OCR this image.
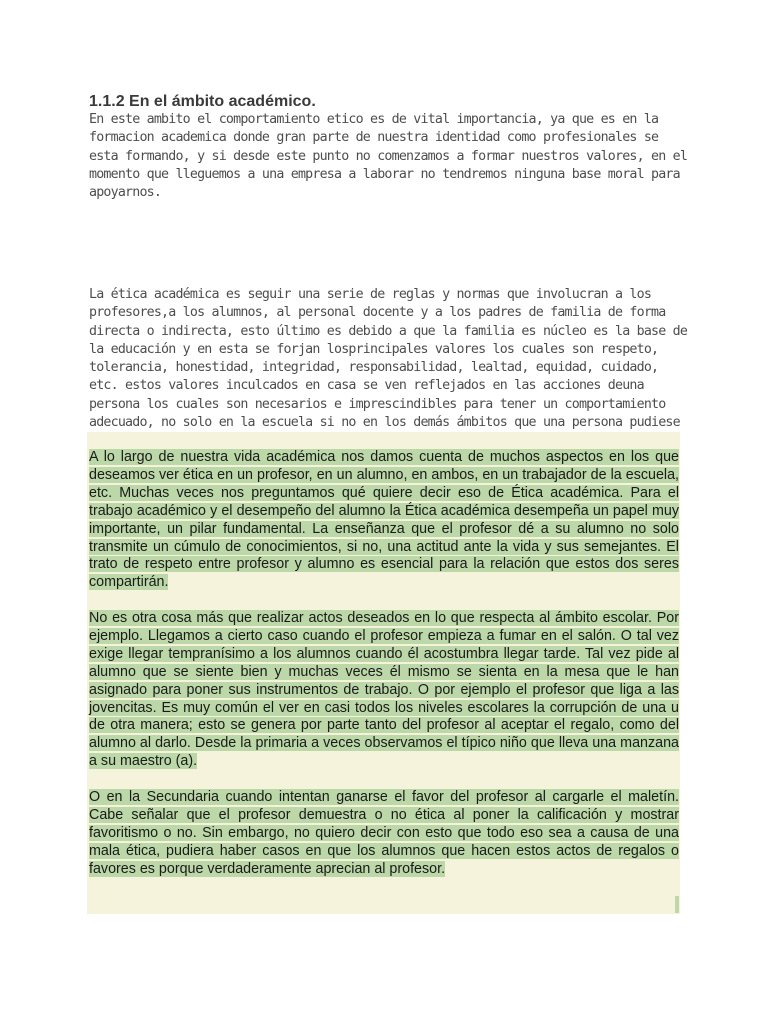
1.1.2 En el ámbito académico.

En este ambito el comportamiento etico es de vital importancia, ya que es en la formacion academica donde gran parte de nuestra identidad como profesionales se esta formando, y si desde este punto no comenzamos a formar nuestros valores, en el momento que lleguemos a una empresa a laborar no tendremos ninguna base moral para apoyarnos.

La ética académica es seguir una serie de reglas y normas que involucran a los profesores,a los alumnos, al personal docente y a los padres de familia de forma directa o indirecta, esto último es debido a que la familia es núcleo es la base de la educación y en esta se forjan losprincipales valores los cuales son respeto, tolerancia, honestidad, integridad, responsabilidad, lealtad, equidad, cuidado, etc. estos valores inculcados en casa se ven reflejados en las acciones deuna persona los cuales son necesarios e imprescindibles para tener un comportamiento adecuado, no solo en la escuela si no en los demás ámbitos que una persona pudiese

A lo largo de nuestra vida académica nos damos cuenta de muchos aspectos en los que deseamos ver ética en un profesor, en un alumno, en ambos, en un trabajador de la escuela, etc. Muchas veces nos preguntamos qué quiere decir eso de Ética académica. Para el trabajo académico y el desempeño del alumno la Ética académica desempeña un papel muy importante, un pilar fundamental. La enseñanza que el profesor dé a su alumno no solo transmite un cúmulo de conocimientos, si no, una actitud ante la vida y sus semejantes. El trato de respeto entre profesor y alumno es esencial para la relación que estos dos seres compartirán.

No es otra cosa más que realizar actos deseados en lo que respecta al ámbito escolar. Por ejemplo. Llegamos a cierto caso cuando el profesor empieza a fumar en el salón. O tal vez exige llegar tempranísimo a los alumnos cuando él acostumbra llegar tarde. Tal vez pide al alumno que se siente bien y muchas veces él mismo se sienta en la mesa que le han asignado para poner sus instrumentos de trabajo. O por ejemplo el profesor que liga a las jovencitas. Es muy común el ver en casi todos los niveles escolares la corrupción de una u de otra manera; esto se genera por parte tanto del profesor al aceptar el regalo, como del alumno al darlo. Desde la primaria a veces observamos el típico niño que lleva una manzana a su maestro (a).

O en la Secundaria cuando intentan ganarse el favor del profesor al cargarle el maletín. Cabe señalar que el profesor demuestra o no ética al poner la calificación y mostrar favoritismo o no. Sin embargo, no quiero decir con esto que todo eso sea a causa de una mala ética, pudiera haber casos en que los alumnos que hacen estos actos de regalos o favores es porque verdaderamente aprecian al profesor.
